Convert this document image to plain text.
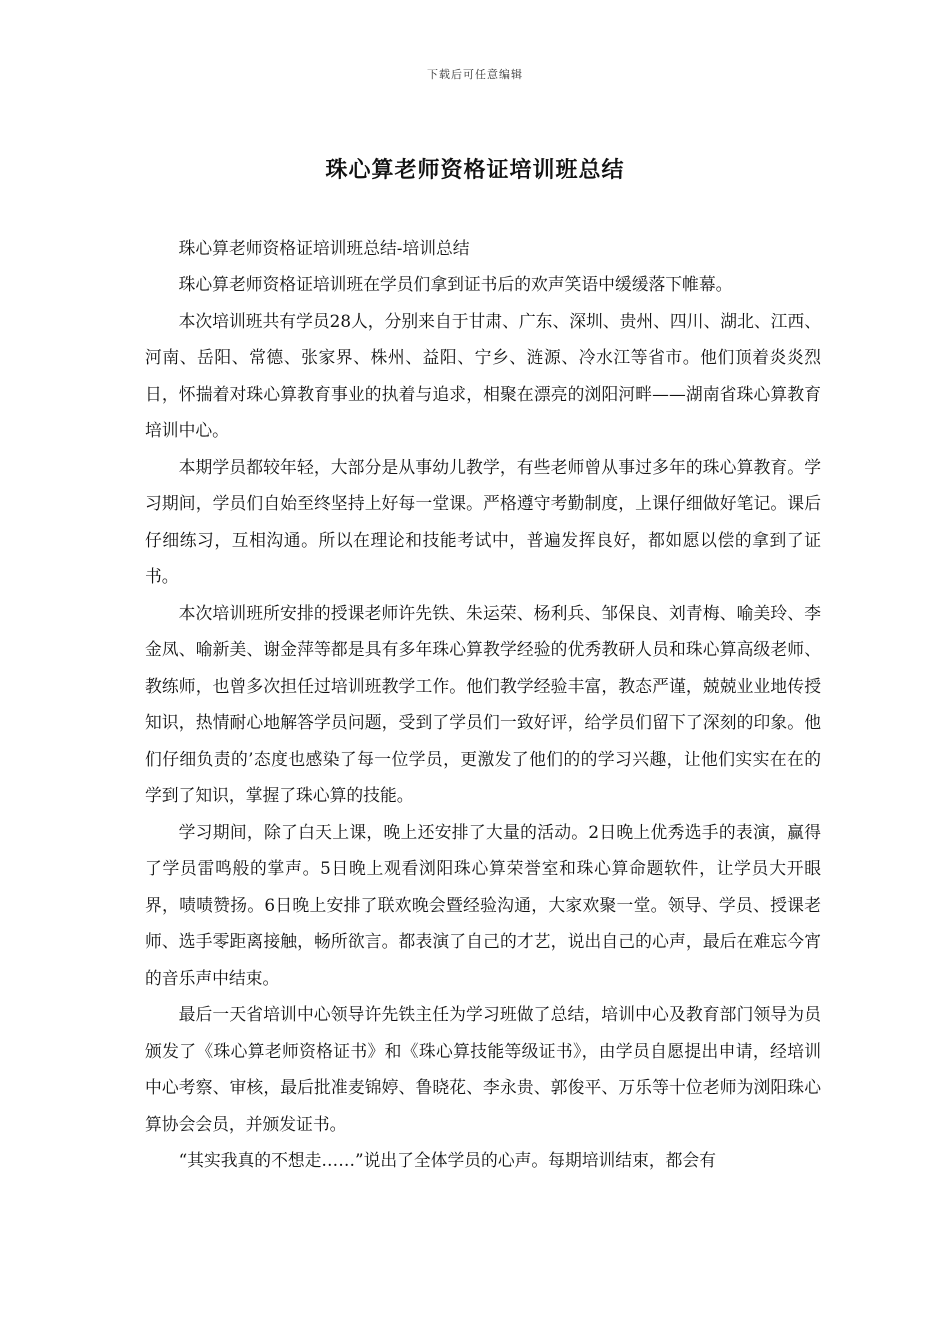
下载后可任意编辑
珠心算老师资格证培训班总结

珠心算老师资格证培训班总结-培训总结

珠心算老师资格证培训班在学员们拿到证书后的欢声笑语中缓缓落下帷幕。

本次培训班共有学员28人，分别来自于甘肃、广东、深圳、贵州、四川、湖北、江西、河南、岳阳、常德、张家界、株州、益阳、宁乡、涟源、冷水江等省市。他们顶着炎炎烈日，怀揣着对珠心算教育事业的执着与追求，相聚在漂亮的浏阳河畔——湖南省珠心算教育培训中心。

本期学员都较年轻，大部分是从事幼儿教学，有些老师曾从事过多年的珠心算教育。学习期间，学员们自始至终坚持上好每一堂课。严格遵守考勤制度，上课仔细做好笔记。课后仔细练习，互相沟通。所以在理论和技能考试中，普遍发挥良好，都如愿以偿的拿到了证书。

本次培训班所安排的授课老师许先铁、朱运荣、杨利兵、邹保良、刘青梅、喻美玲、李金凤、喻新美、谢金萍等都是具有多年珠心算教学经验的优秀教研人员和珠心算高级老师、教练师，也曾多次担任过培训班教学工作。他们教学经验丰富，教态严谨，兢兢业业地传授知识，热情耐心地解答学员问题，受到了学员们一致好评，给学员们留下了深刻的印象。他们仔细负责的’态度也感染了每一位学员，更激发了他们的的学习兴趣，让他们实实在在的学到了知识，掌握了珠心算的技能。

学习期间，除了白天上课，晚上还安排了大量的活动。2日晚上优秀选手的表演，赢得了学员雷鸣般的掌声。5日晚上观看浏阳珠心算荣誉室和珠心算命题软件，让学员大开眼界，啧啧赞扬。6日晚上安排了联欢晚会暨经验沟通，大家欢聚一堂。领导、学员、授课老师、选手零距离接触，畅所欲言。都表演了自己的才艺，说出自己的心声，最后在难忘今宵的音乐声中结束。

最后一天省培训中心领导许先铁主任为学习班做了总结，培训中心及教育部门领导为员颁发了《珠心算老师资格证书》和《珠心算技能等级证书》，由学员自愿提出申请，经培训中心考察、审核，最后批准麦锦婷、鲁晓花、李永贵、郭俊平、万乐等十位老师为浏阳珠心算协会会员，并颁发证书。

“其实我真的不想走……”说出了全体学员的心声。每期培训结束，都会有
